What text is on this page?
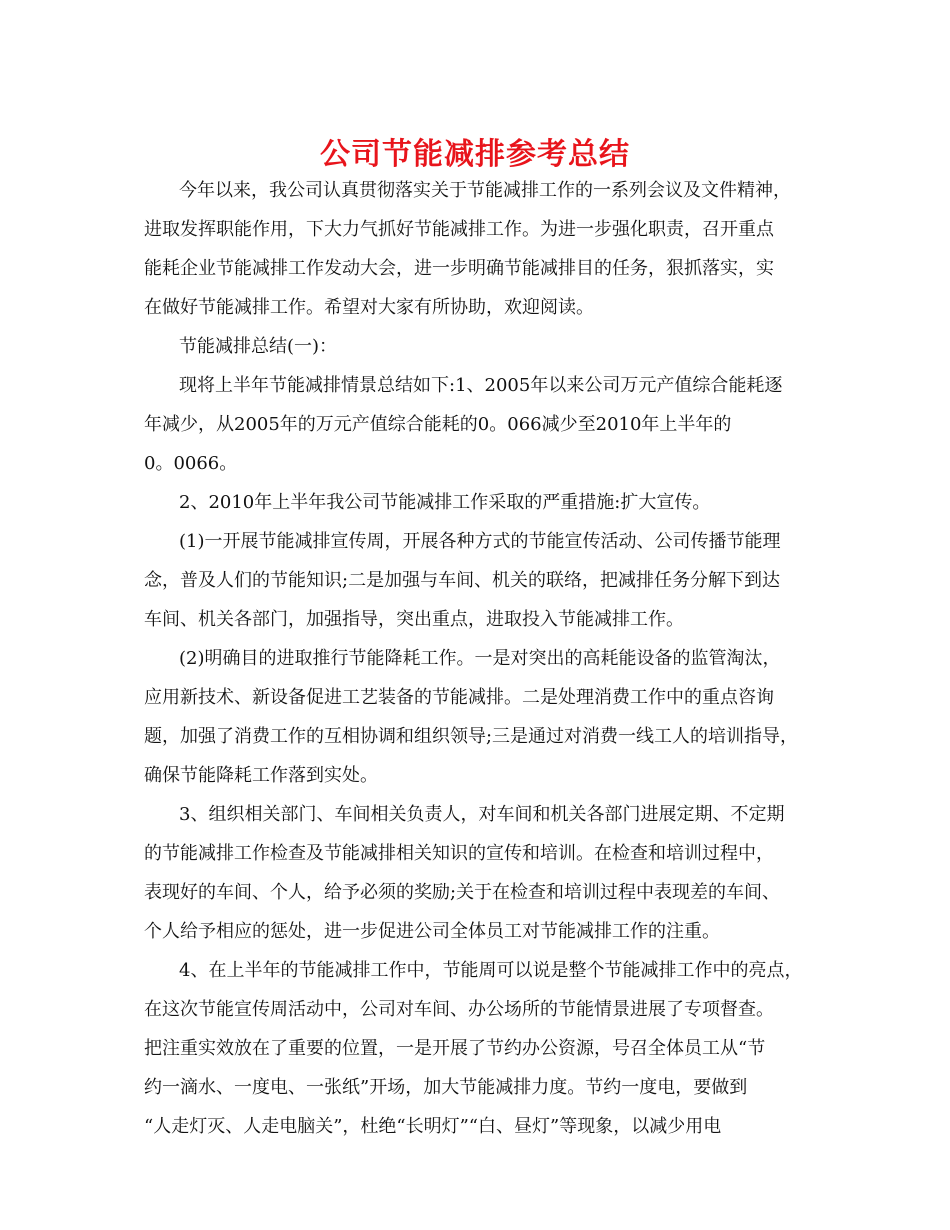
公司节能减排参考总结
今年以来，我公司认真贯彻落实关于节能减排工作的一系列会议及文件精神，
进取发挥职能作用，下大力气抓好节能减排工作。为进一步强化职责，召开重点
能耗企业节能减排工作发动大会，进一步明确节能减排目的任务，狠抓落实，实
在做好节能减排工作。希望对大家有所协助，欢迎阅读。
节能减排总结(一)：
现将上半年节能减排情景总结如下:1、2005年以来公司万元产值综合能耗逐
年减少，从2005年的万元产值综合能耗的0。066减少至2010年上半年的
0。0066。
2、2010年上半年我公司节能减排工作采取的严重措施:扩大宣传。
(1)一开展节能减排宣传周，开展各种方式的节能宣传活动、公司传播节能理
念，普及人们的节能知识;二是加强与车间、机关的联络，把减排任务分解下到达
车间、机关各部门，加强指导，突出重点，进取投入节能减排工作。
(2)明确目的进取推行节能降耗工作。一是对突出的高耗能设备的监管淘汰，
应用新技术、新设备促进工艺装备的节能减排。二是处理消费工作中的重点咨询
题，加强了消费工作的互相协调和组织领导;三是通过对消费一线工人的培训指导，
确保节能降耗工作落到实处。
3、组织相关部门、车间相关负责人，对车间和机关各部门进展定期、不定期
的节能减排工作检查及节能减排相关知识的宣传和培训。在检查和培训过程中，
表现好的车间、个人，给予必须的奖励;关于在检查和培训过程中表现差的车间、
个人给予相应的惩处，进一步促进公司全体员工对节能减排工作的注重。
4、在上半年的节能减排工作中，节能周可以说是整个节能减排工作中的亮点，
在这次节能宣传周活动中，公司对车间、办公场所的节能情景进展了专项督查。
把注重实效放在了重要的位置，一是开展了节约办公资源，号召全体员工从“节
约一滴水、一度电、一张纸”开场，加大节能减排力度。节约一度电，要做到
“人走灯灭、人走电脑关”，杜绝“长明灯”“白、昼灯”等现象，以减少用电
